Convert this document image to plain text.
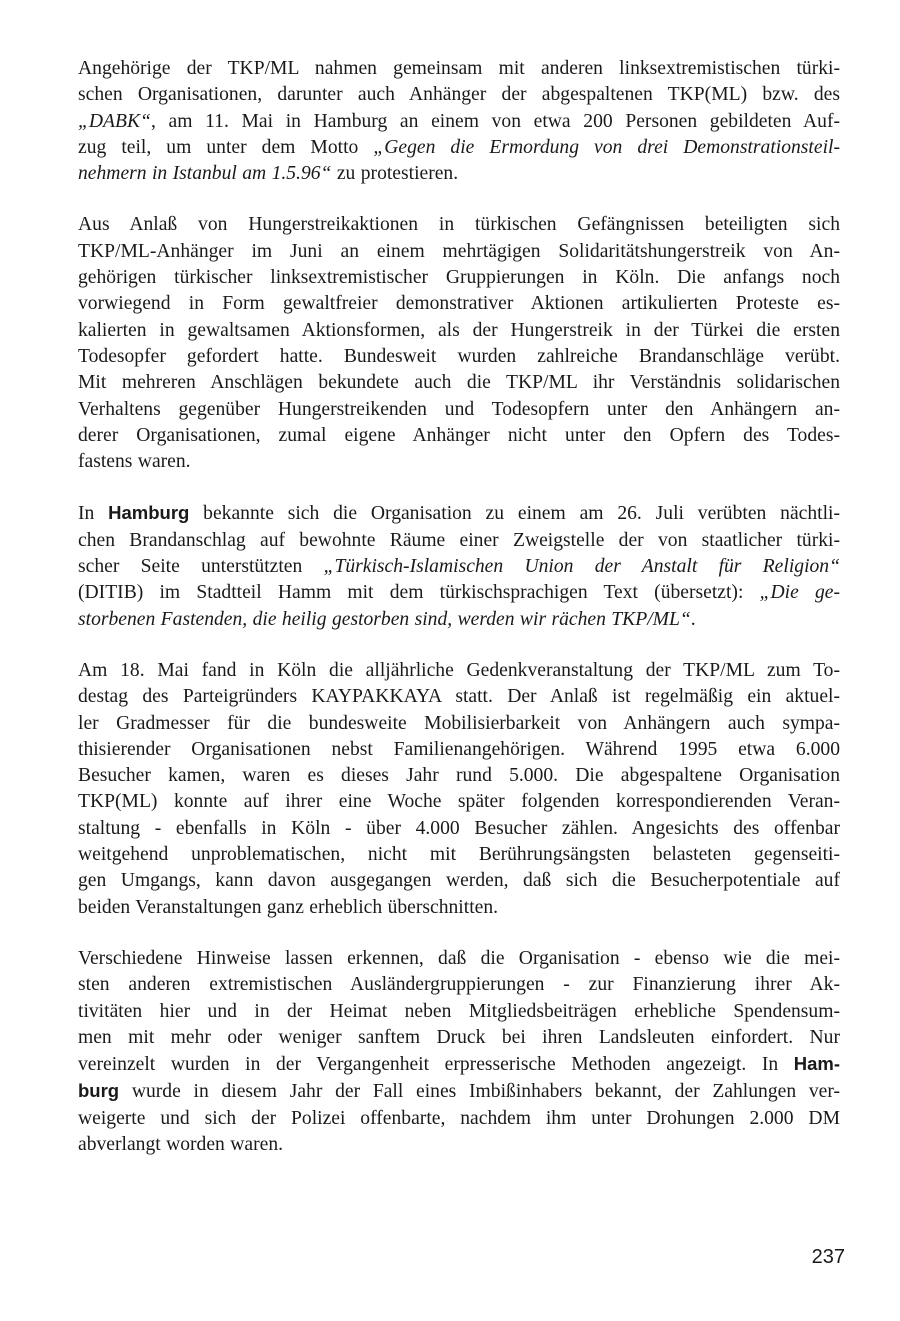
Angehörige der TKP/ML nahmen gemeinsam mit anderen linksextremistischen türki-
schen Organisationen, darunter auch Anhänger der abgespaltenen TKP(ML) bzw. des
„DABK“, am 11. Mai in Hamburg an einem von etwa 200 Personen gebildeten Auf-
zug teil, um unter dem Motto „Gegen die Ermordung von drei Demonstrationsteil-
nehmern in Istanbul am 1.5.96“ zu protestieren.
Aus Anlaß von Hungerstreikaktionen in türkischen Gefängnissen beteiligten sich
TKP/ML-Anhänger im Juni an einem mehrtägigen Solidaritätshungerstreik von An-
gehörigen türkischer linksextremistischer Gruppierungen in Köln. Die anfangs noch
vorwiegend in Form gewaltfreier demonstrativer Aktionen artikulierten Proteste es-
kalierten in gewaltsamen Aktionsformen, als der Hungerstreik in der Türkei die ersten
Todesopfer gefordert hatte. Bundesweit wurden zahlreiche Brandanschläge verübt.
Mit mehreren Anschlägen bekundete auch die TKP/ML ihr Verständnis solidarischen
Verhaltens gegenüber Hungerstreikenden und Todesopfern unter den Anhängern an-
derer Organisationen, zumal eigene Anhänger nicht unter den Opfern des Todes-
fastens waren.
In Hamburg bekannte sich die Organisation zu einem am 26. Juli verübten nächtli-
chen Brandanschlag auf bewohnte Räume einer Zweigstelle der von staatlicher türki-
scher Seite unterstützten „Türkisch-Islamischen Union der Anstalt für Religion“
(DITIB) im Stadtteil Hamm mit dem türkischsprachigen Text (übersetzt): „Die ge-
storbenen Fastenden, die heilig gestorben sind, werden wir rächen TKP/ML“.
Am 18. Mai fand in Köln die alljährliche Gedenkveranstaltung der TKP/ML zum To-
destag des Parteigründers KAYPAKKAYA statt. Der Anlaß ist regelmäßig ein aktuel-
ler Gradmesser für die bundesweite Mobilisierbarkeit von Anhängern auch sympa-
thisierender Organisationen nebst Familienangehörigen. Während 1995 etwa 6.000
Besucher kamen, waren es dieses Jahr rund 5.000. Die abgespaltene Organisation
TKP(ML) konnte auf ihrer eine Woche später folgenden korrespondierenden Veran-
staltung - ebenfalls in Köln - über 4.000 Besucher zählen. Angesichts des offenbar
weitgehend unproblematischen, nicht mit Berührungsängsten belasteten gegenseiti-
gen Umgangs, kann davon ausgegangen werden, daß sich die Besucherpotentiale auf
beiden Veranstaltungen ganz erheblich überschnitten.
Verschiedene Hinweise lassen erkennen, daß die Organisation - ebenso wie die mei-
sten anderen extremistischen Ausländergruppierungen - zur Finanzierung ihrer Ak-
tivitäten hier und in der Heimat neben Mitgliedsbeiträgen erhebliche Spendensum-
men mit mehr oder weniger sanftem Druck bei ihren Landsleuten einfordert. Nur
vereinzelt wurden in der Vergangenheit erpresserische Methoden angezeigt. In Ham-
burg wurde in diesem Jahr der Fall eines Imbißinhabers bekannt, der Zahlungen ver-
weigerte und sich der Polizei offenbarte, nachdem ihm unter Drohungen 2.000 DM
abverlangt worden waren.
237
